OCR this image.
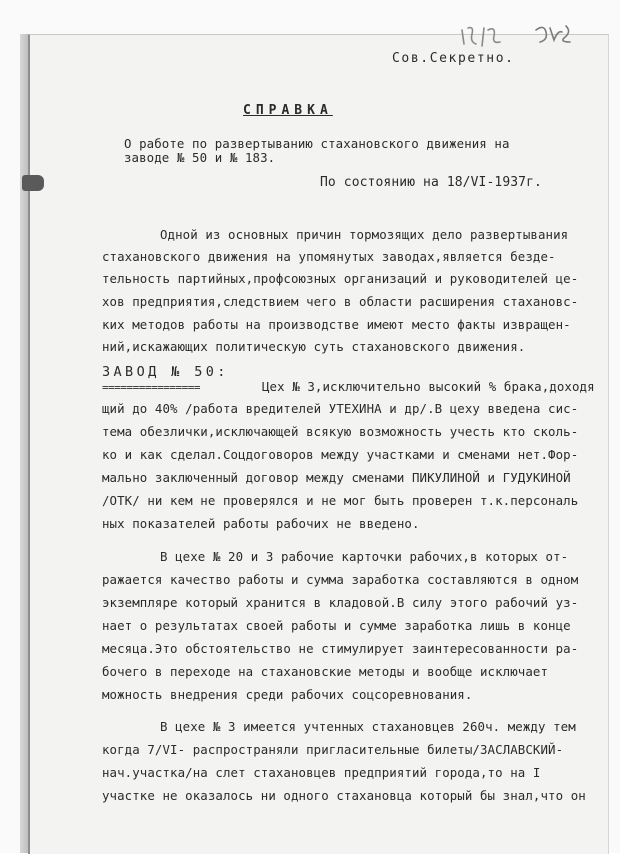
Сов.Секретно.
СПРАВКА
О работе по развертыванию стахановского движения на
заводе № 50 и № 183.
По состоянию на 18/VI-1937г.
Одной из основных причин тормозящих дело развертывания
стахановского движения на упомянутых заводах,является безде-
тельность партийных,профсоюзных организаций и руководителей це-
хов предприятия,следствием чего в области расширения стахановс-
ких методов работы на производстве имеют место факты извращен-
ний,искажающих политическую суть стахановского движения.
ЗАВОД № 50:
================	Цех № 3,исключительно высокий % брака,доходя
щий до 40% /работа вредителей УТЕХИНА и др/.В цеху введена сис-
тема обезлички,исключающей всякую возможность учесть кто сколь-
ко и как сделал.Соцдоговоров между участками и сменами нет.Фор-
мально заключенный договор между сменами ПИКУЛИНОЙ и ГУДУКИНОЙ
/ОТК/ ни кем не проверялся и не мог быть проверен т.к.персональ
ных показателей работы рабочих не введено.
В цехе № 20 и 3 рабочие карточки рабочих,в которых от-
ражается качество работы и сумма заработка составляются в одном
экземпляре который хранится в кладовой.В силу этого рабочий уз-
нает о результатах своей работы и сумме заработка лишь в конце
месяца.Это обстоятельство не стимулирует заинтересованности ра-
бочего в переходе на стахановские методы и вообще исключает
можность внедрения среди рабочих соцсоревнования.
В цехе № 3 имеется учтенных стахановцев 260ч. между тем
когда 7/VI- распространяли пригласительные билеты/ЗАСЛАВСКИЙ-
нач.участка/на слет стахановцев предприятий города,то на I
участке не оказалось ни одного стахановца который бы знал,что он
